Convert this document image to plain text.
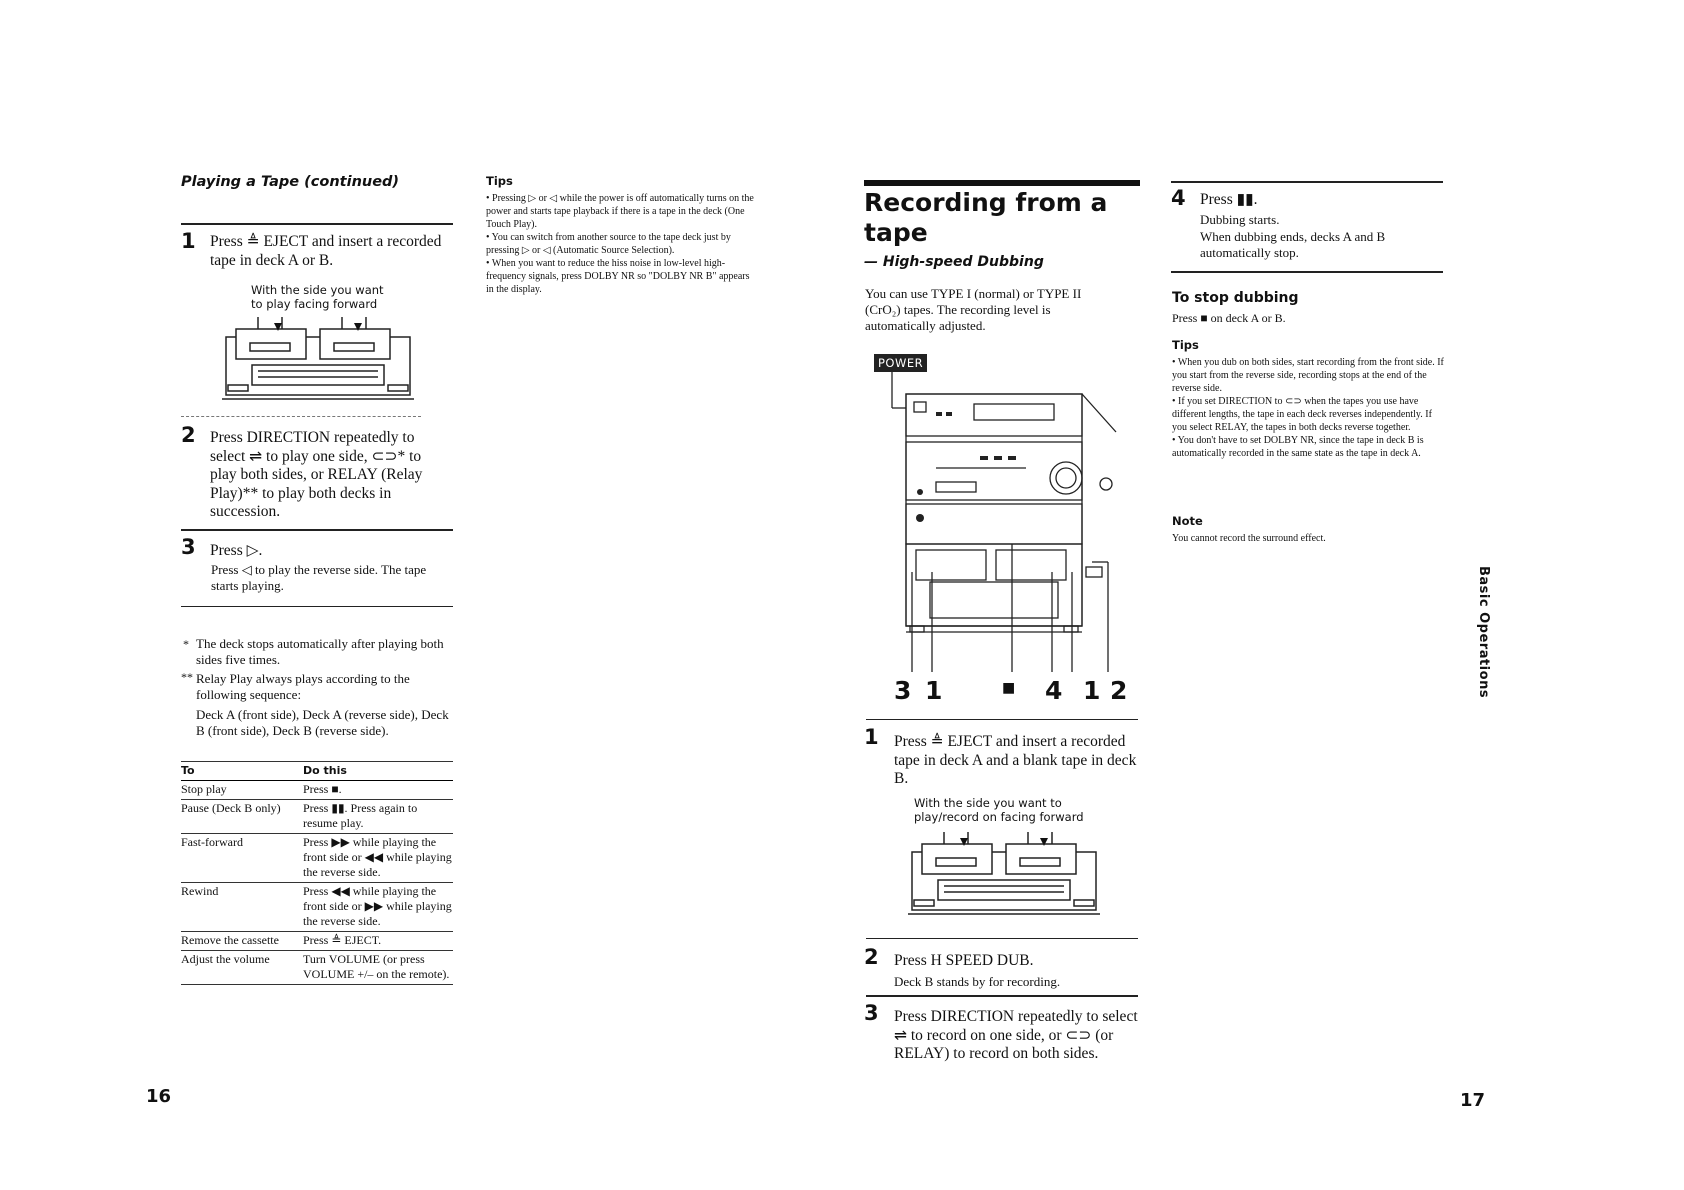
Playing a Tape (continued)
1 Press ≜ EJECT and insert a recorded tape in deck A or B.
With the side you want
to play facing forward
2 Press DIRECTION repeatedly to select ⇌ to play one side, ⊂⊃* to play both sides, or RELAY (Relay Play)** to play both decks in succession.
3 Press ▷.
Press ◁ to play the reverse side. The tape starts playing.
* The deck stops automatically after playing both sides five times.
** Relay Play always plays according to the following sequence:
Deck A (front side), Deck A (reverse side), Deck B (front side), Deck B (reverse side).
To	Do this
Stop play	Press ■.
Pause (Deck B only)	Press ▮▮. Press again to resume play.
Fast-forward	Press ▶▶ while playing the front side or ◀◀ while playing the reverse side.
Rewind	Press ◀◀ while playing the front side or ▶▶ while playing the reverse side.
Remove the cassette	Press ≜ EJECT.
Adjust the volume	Turn VOLUME (or press VOLUME +/– on the remote).
Tips

• Pressing ▷ or ◁ while the power is off automatically turns on the power and starts tape playback if there is a tape in the deck (One Touch Play).

• You can switch from another source to the tape deck just by pressing ▷ or ◁ (Automatic Source Selection).

• When you want to reduce the hiss noise in low-level high-frequency signals, press DOLBY NR so "DOLBY NR B" appears in the display.

16
Recording from a
tape
— High-speed Dubbing
You can use TYPE I (normal) or TYPE II (CrO₂) tapes. The recording level is automatically adjusted.
POWER
3 1	■ 4 1 2
1 Press ≜ EJECT and insert a recorded tape in deck A and a blank tape in deck B.
With the side you want to
play/record on facing forward
2 Press H SPEED DUB.
Deck B stands by for recording.
3 Press DIRECTION repeatedly to select ⇌ to record on one side, or ⊂⊃ (or RELAY) to record on both sides.
4 Press ▮▮.
Dubbing starts.
When dubbing ends, decks A and B automatically stop.
To stop dubbing
Press ■ on deck A or B.
Tips

• When you dub on both sides, start recording from the front side. If you start from the reverse side, recording stops at the end of the reverse side.

• If you set DIRECTION to ⊂⊃ when the tapes you use have different lengths, the tape in each deck reverses independently. If you select RELAY, the tapes in both decks reverse together.

• You don't have to set DOLBY NR, since the tape in deck B is automatically recorded in the same state as the tape in deck A.

Note
You cannot record the surround effect.
Basic Operations
17
